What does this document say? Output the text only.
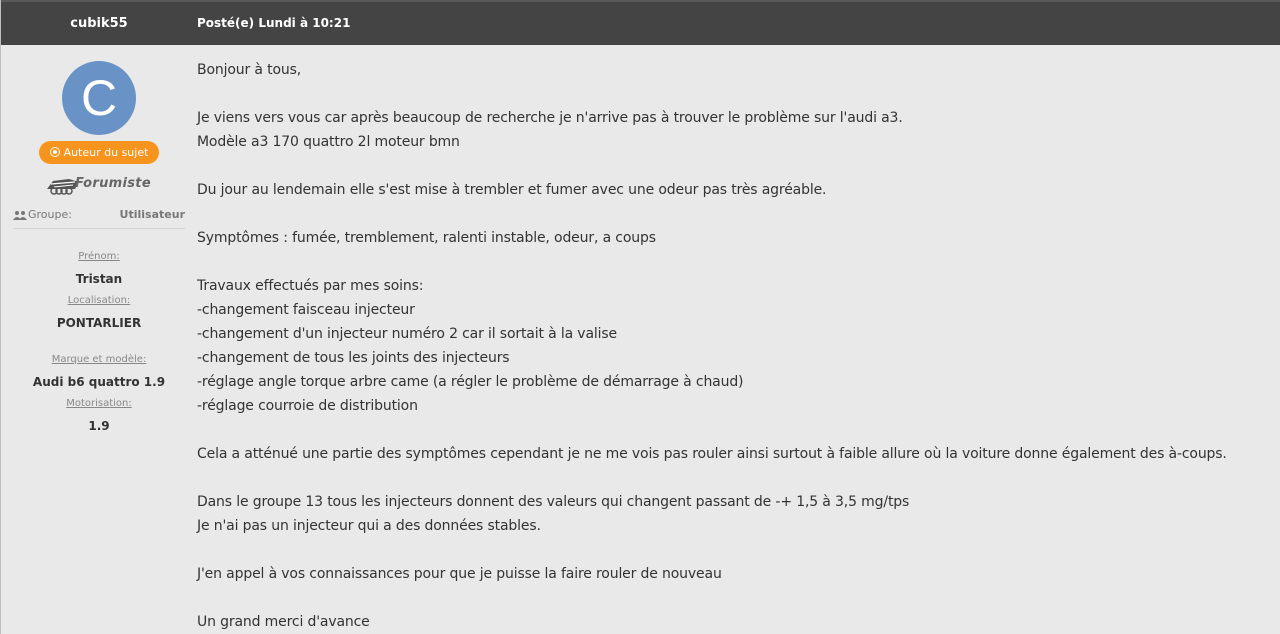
cubik55	Posté(e) Lundi à 10:21
C
Auteur du sujet
Forumiste
Groupe:	Utilisateur
Prénom:
Tristan
Localisation:
PONTARLIER
Marque et modèle:
Audi b6 quattro 1.9
Motorisation:
1.9

Bonjour à tous,

Je viens vers vous car après beaucoup de recherche je n'arrive pas à trouver le problème sur l'audi a3.

Modèle a3 170 quattro 2l moteur bmn

Du jour au lendemain elle s'est mise à trembler et fumer avec une odeur pas très agréable.

Symptômes : fumée, tremblement, ralenti instable, odeur, a coups

Travaux effectués par mes soins:

-changement faisceau injecteur

-changement d'un injecteur numéro 2 car il sortait à la valise

-changement de tous les joints des injecteurs

-réglage angle torque arbre came (a régler le problème de démarrage à chaud)

-réglage courroie de distribution

Cela a atténué une partie des symptômes cependant je ne me vois pas rouler ainsi surtout à faible allure où la voiture donne également des à-coups.

Dans le groupe 13 tous les injecteurs donnent des valeurs qui changent passant de -+ 1,5 à 3,5 mg/tps

Je n'ai pas un injecteur qui a des données stables.

J'en appel à vos connaissances pour que je puisse la faire rouler de nouveau

Un grand merci d'avance
